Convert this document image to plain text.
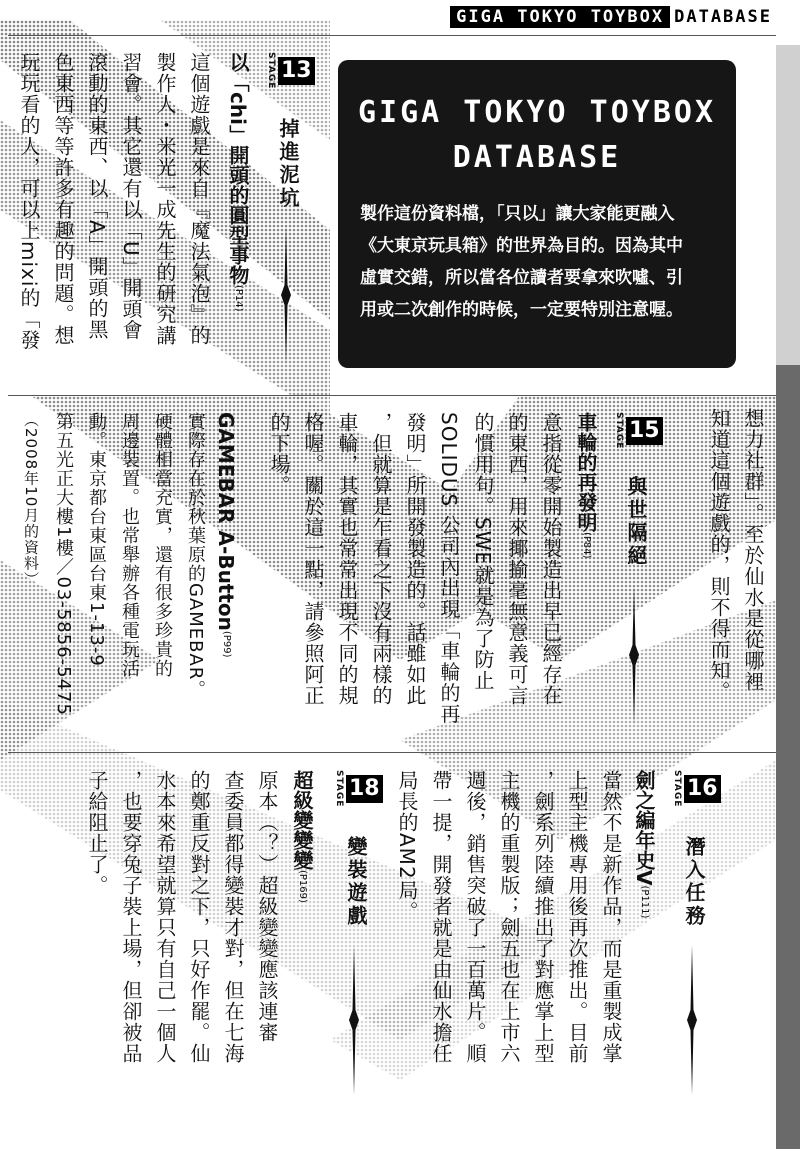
GIGA TOKYO TOYBOX DATABASE
GIGA TOKYO TOYBOX
DATABASE
製作這份資料檔，「只以」讓大家能更融入
《大東京玩具箱》的世界為目的。因為其中
虛實交錯，所以當各位讀者要拿來吹噓、引
用或二次創作的時候，一定要特別注意喔。
STAGE 13
掉進泥坑
以「chi」開頭的圓型事物(P14)
這個遊戲是來自『魔法氣泡』的
製作人・米光一成先生的研究講
習會。其它還有以「U」開頭會
滾動的東西、以「A」開頭的黑
色東西等等許多有趣的問題。想
玩玩看的人，可以上mixi的「發
想力社群」。至於仙水是從哪裡
知道這個遊戲的，則不得而知。
STAGE 15
與世隔絕
車輪的再發明(P84)
意指從零開始製造出早已經存在
的東西，用來揶揄毫無意義可言
的慣用句。SWE就是為了防止
SOLIDUS 公司內出現「車輪的再
發明」所開發製造的。話雖如此
，但就算是乍看之下沒有兩樣的
車輪，其實也常常出現不同的規
格喔。關於這一點，請參照阿正
的下場。
GAMEBAR A-Button(P99)
實際存在於秋葉原的GAMEBAR。
硬體相當充實，還有很多珍貴的
周邊裝置。也常舉辦各種電玩活
動。東京都台東區台東1-13-9
第五光正大樓1樓／03-5856-5475
（2008年10月的資料）
STAGE 16
潛入任務
劍之編年史V(P111)
當然不是新作品，而是重製成掌
上型主機專用後再次推出。目前
，劍系列陸續推出了對應掌上型
主機的重製版；劍五也在上市六
週後，銷售突破了一百萬片。順
帶一提，開發者就是由仙水擔任
局長的AM2局。
STAGE 18
變裝遊戲
超級變變變(P169)
原本（？）超級變變應該連審
查委員都得變裝才對，但在七海
的鄭重反對之下，只好作罷。仙
水本來希望就算只有自己一個人
，也要穿兔子裝上場，但卻被品
子給阻止了。
